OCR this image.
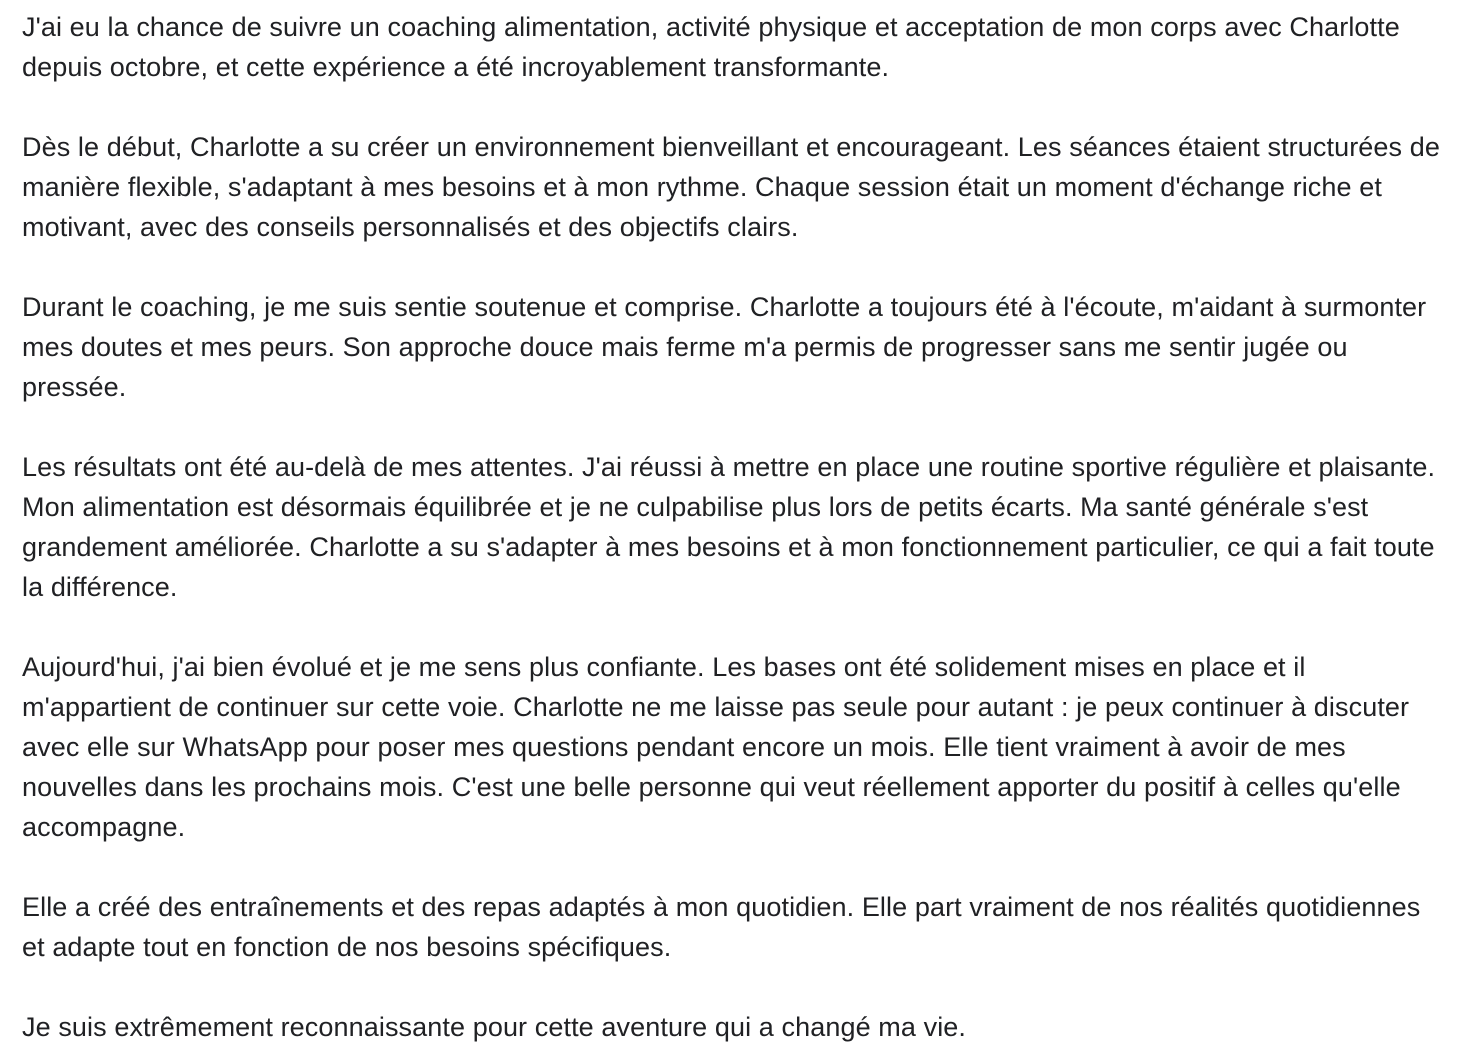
J'ai eu la chance de suivre un coaching alimentation, activité physique et acceptation de mon corps avec Charlotte depuis octobre, et cette expérience a été incroyablement transformante.

Dès le début, Charlotte a su créer un environnement bienveillant et encourageant. Les séances étaient structurées de manière flexible, s'adaptant à mes besoins et à mon rythme. Chaque session était un moment d'échange riche et motivant, avec des conseils personnalisés et des objectifs clairs.

Durant le coaching, je me suis sentie soutenue et comprise. Charlotte a toujours été à l'écoute, m'aidant à surmonter mes doutes et mes peurs. Son approche douce mais ferme m'a permis de progresser sans me sentir jugée ou pressée.

Les résultats ont été au-delà de mes attentes. J'ai réussi à mettre en place une routine sportive régulière et plaisante. Mon alimentation est désormais équilibrée et je ne culpabilise plus lors de petits écarts. Ma santé générale s'est grandement améliorée. Charlotte a su s'adapter à mes besoins et à mon fonctionnement particulier, ce qui a fait toute la différence.

Aujourd'hui, j'ai bien évolué et je me sens plus confiante. Les bases ont été solidement mises en place et il m'appartient de continuer sur cette voie. Charlotte ne me laisse pas seule pour autant : je peux continuer à discuter avec elle sur WhatsApp pour poser mes questions pendant encore un mois. Elle tient vraiment à avoir de mes nouvelles dans les prochains mois. C'est une belle personne qui veut réellement apporter du positif à celles qu'elle accompagne.

Elle a créé des entraînements et des repas adaptés à mon quotidien. Elle part vraiment de nos réalités quotidiennes et adapte tout en fonction de nos besoins spécifiques.

Je suis extrêmement reconnaissante pour cette aventure qui a changé ma vie.
